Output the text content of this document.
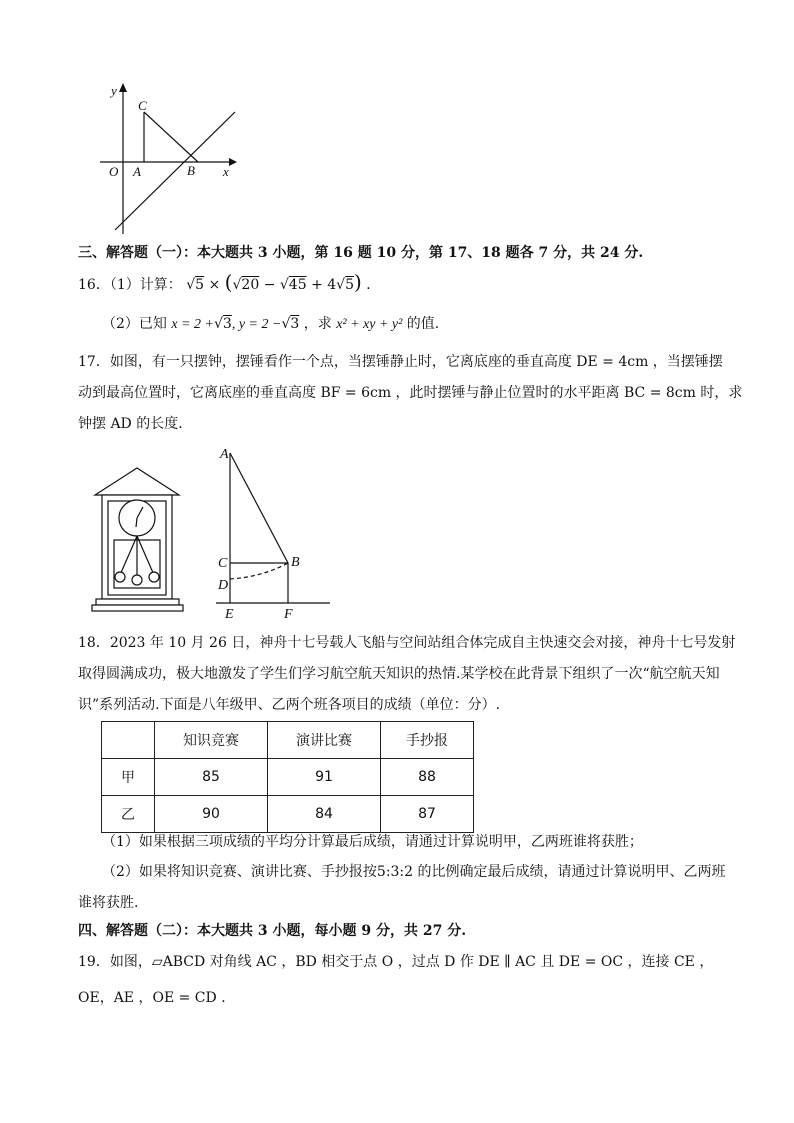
y
C
O A	B x
三、解答题（一）：本大题共 3 小题，第 16 题 10 分，第 17、18 题各 7 分，共 24 分.
16．（1）计算： √5 × (√20 − √45 + 4√5) ．
（2）已知 x = 2 +√3, y = 2 −√3 ，求 x² + xy + y² 的值.
17．如图，有一只摆钟，摆锤看作一个点，当摆锤静止时，它离底座的垂直高度 DE = 4cm ，当摆锤摆
动到最高位置时，它离底座的垂直高度 BF = 6cm ，此时摆锤与静止位置时的水平距离 BC = 8cm 时，求
钟摆 AD 的长度．
A
B
C
D
E	F
18．2023 年 10 月 26 日，神舟十七号载人飞船与空间站组合体完成自主快速交会对接，神舟十七号发射
取得圆满成功，极大地激发了学生们学习航空航天知识的热情.某学校在此背景下组织了一次“航空航天知
识”系列活动.下面是八年级甲、乙两个班各项目的成绩（单位：分）.
	知识竞赛	演讲比赛	手抄报
甲	85	91	88
乙	90	84	87
（1）如果根据三项成绩的平均分计算最后成绩，请通过计算说明甲，乙两班谁将获胜；
（2）如果将知识竞赛、演讲比赛、手抄报按5:3:2 的比例确定最后成绩，请通过计算说明甲、乙两班
谁将获胜.
四、解答题（二）：本大题共 3 小题，每小题 9 分，共 27 分.
19．如图，▱ABCD 对角线 AC ，BD 相交于点 O ，过点 D 作 DE ∥ AC 且 DE = OC ，连接 CE ，
OE，AE ，OE = CD ．
